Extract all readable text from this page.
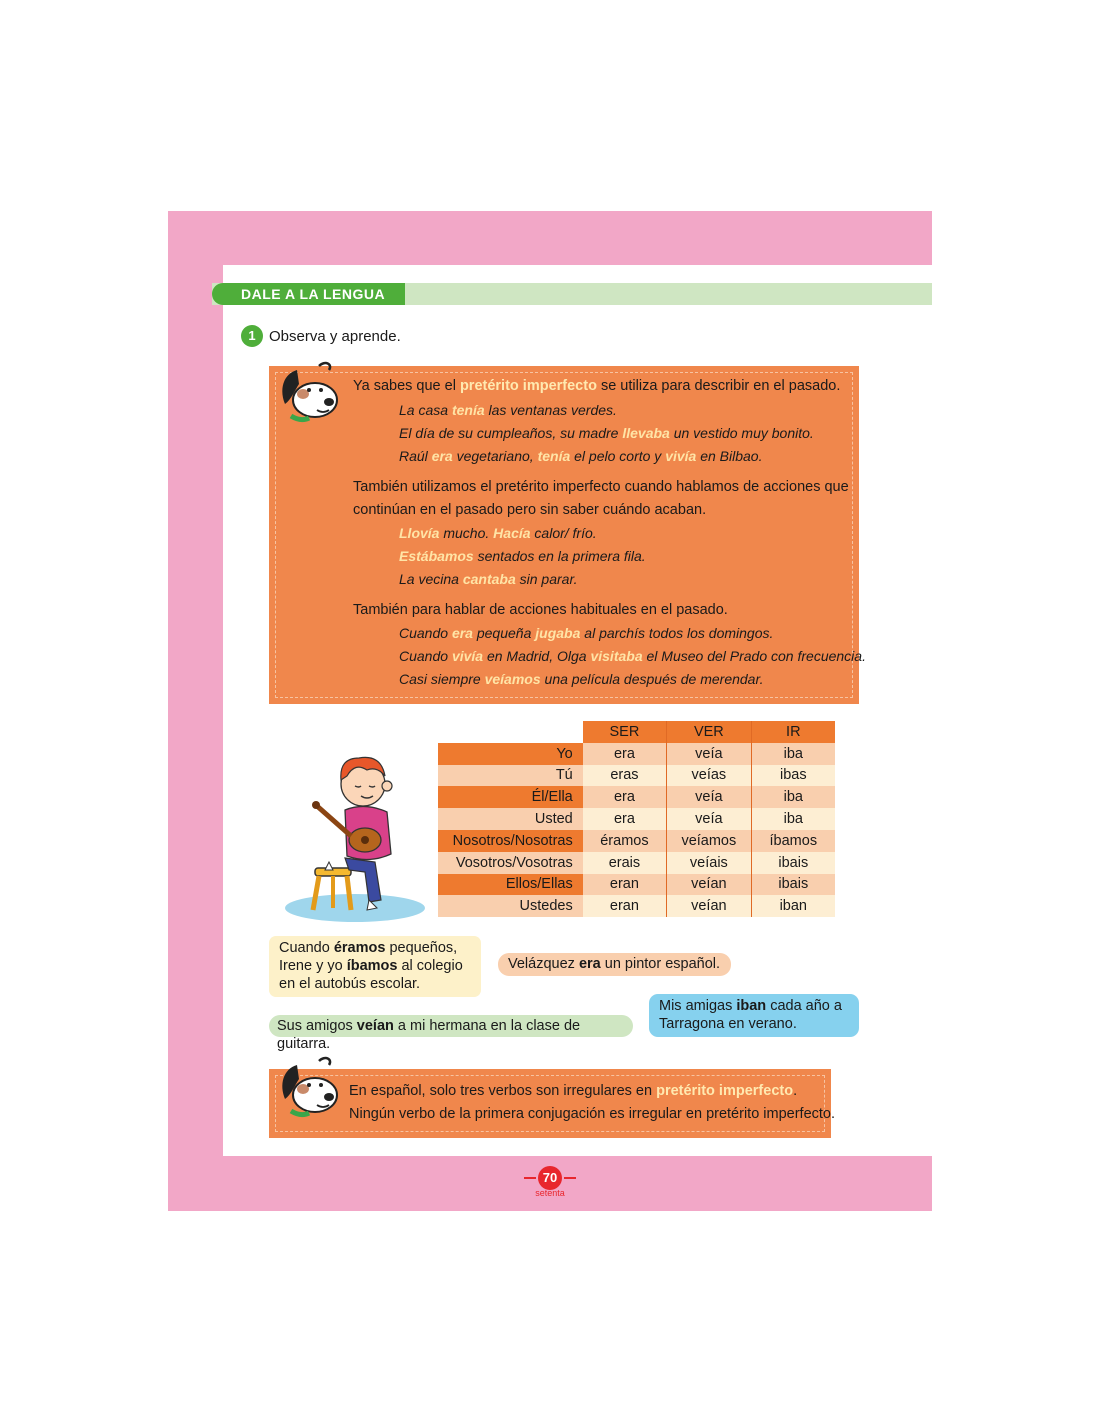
DALE A LA LENGUA
1 Observa y aprende.
Ya sabes que el pretérito imperfecto se utiliza para describir en el pasado.
La casa tenía las ventanas verdes.
El día de su cumpleaños, su madre llevaba un vestido muy bonito.
Raúl era vegetariano, tenía el pelo corto y vivía en Bilbao.
También utilizamos el pretérito imperfecto cuando hablamos de acciones que
continúan en el pasado pero sin saber cuándo acaban.
Llovía mucho. Hacía calor/ frío.
Estábamos sentados en la primera fila.
La vecina cantaba sin parar.
También para hablar de acciones habituales en el pasado.
Cuando era pequeña jugaba al parchís todos los domingos.
Cuando vivía en Madrid, Olga visitaba el Museo del Prado con frecuencia.
Casi siempre veíamos una película después de merendar.
	SER	VER	IR
Yo	era	veía	iba
Tú	eras	veías	ibas
Él/Ella	era	veía	iba
Usted	era	veía	iba
Nosotros/Nosotras	éramos	veíamos	íbamos
Vosotros/Vosotras	erais	veíais	ibais
Ellos/Ellas	eran	veían	ibais
Ustedes	eran	veían	iban
Cuando éramos pequeños,
Irene y yo íbamos al colegio
en el autobús escolar.
Velázquez era un pintor español.
Sus amigos veían a mi hermana en la clase de guitarra.
Mis amigas iban cada año a
Tarragona en verano.
En español, solo tres verbos son irregulares en pretérito imperfecto.
Ningún verbo de la primera conjugación es irregular en pretérito imperfecto.
70
setenta
